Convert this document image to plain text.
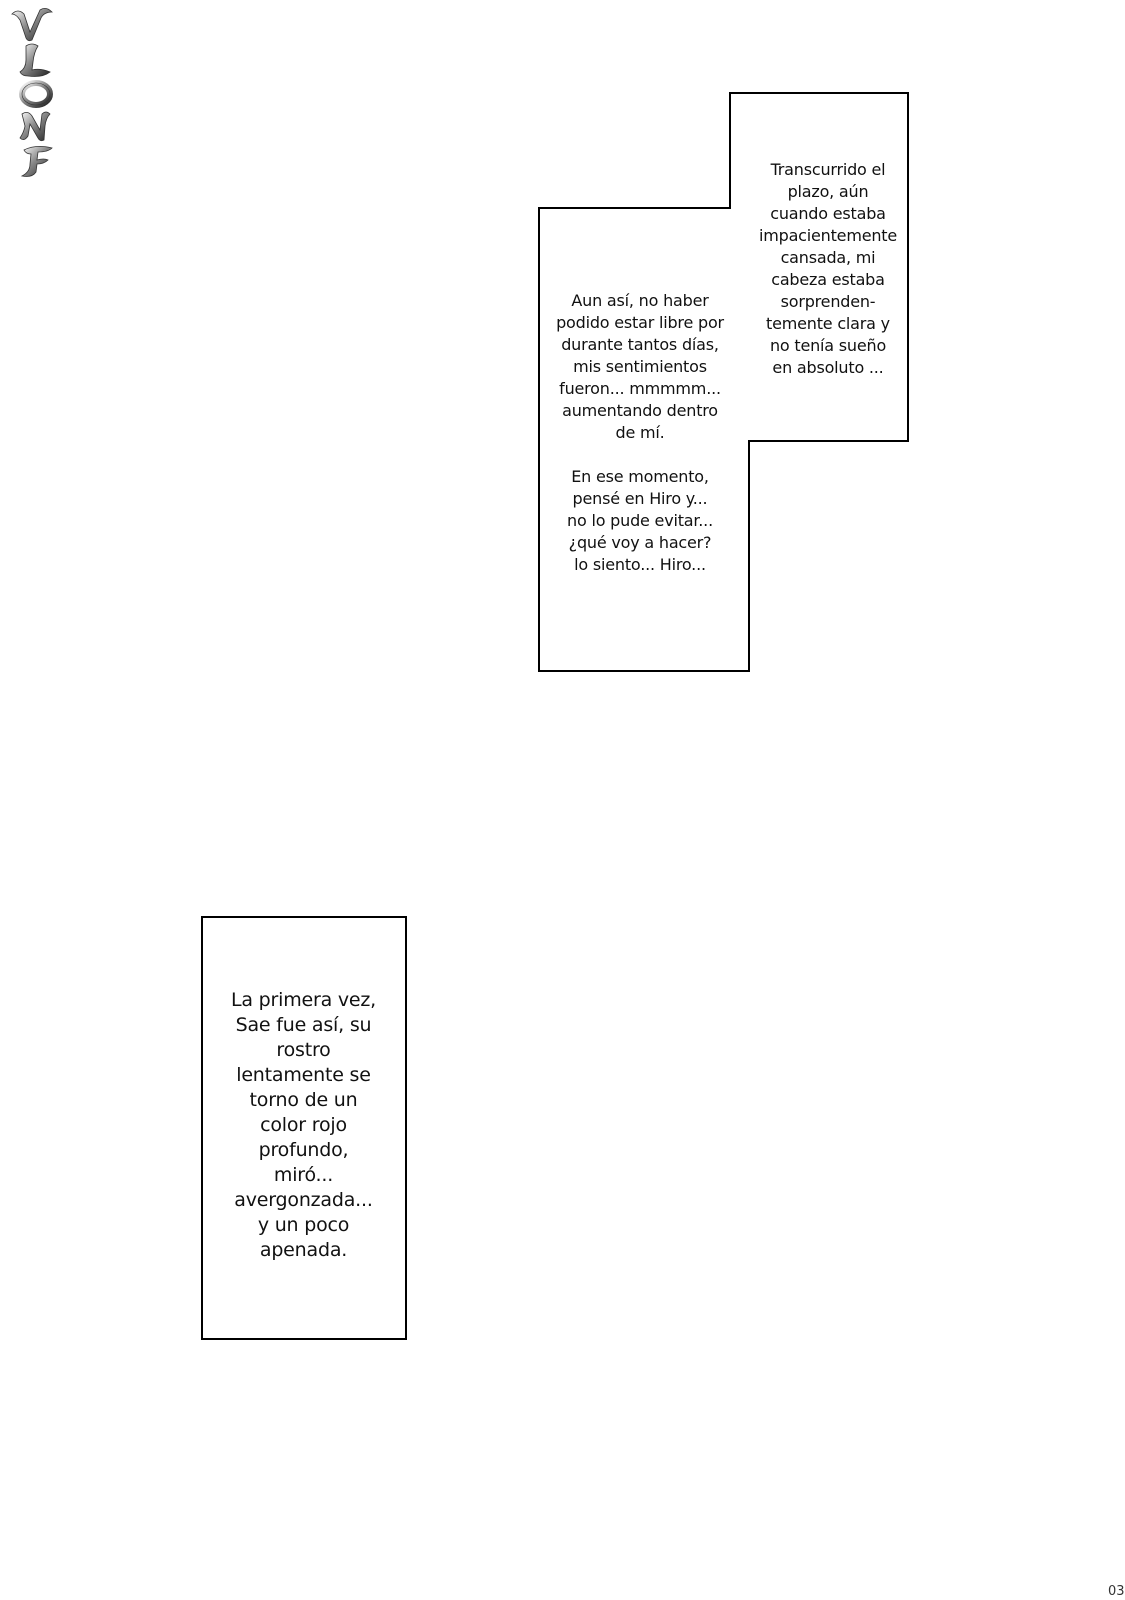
Transcurrido el

plazo, aún

cuando estaba

impacientemente

cansada, mi

cabeza estaba

sorprenden-

temente clara y

no tenía sueño

en absoluto ...

Aun así, no haber

podido estar libre por

durante tantos días,

mis sentimientos

fueron... mmmmm...

aumentando dentro

de mí.

En ese momento,

pensé en Hiro y...

no lo pude evitar...

¿qué voy a hacer?

lo siento... Hiro...

La primera vez,

Sae fue así, su

rostro

lentamente se

torno de un

color rojo

profundo,

miró...

avergonzada...

y un poco

apenada.

03
